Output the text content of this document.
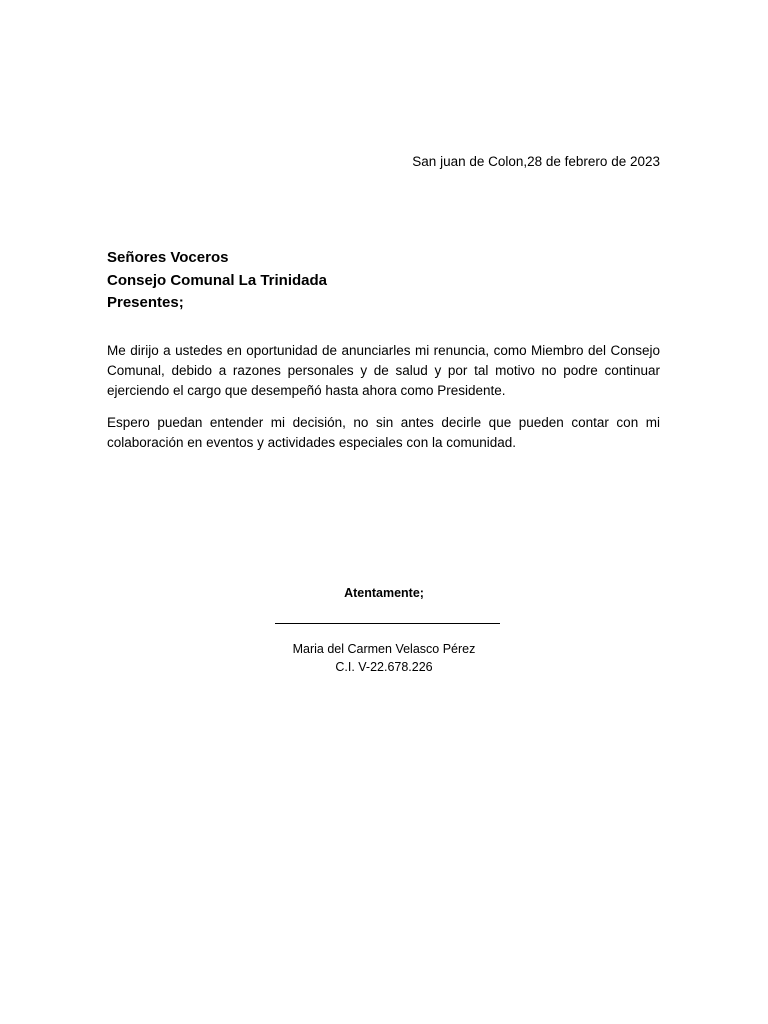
San juan de Colon,28 de febrero de 2023
Señores Voceros
Consejo Comunal La Trinidada
Presentes;

Me dirijo a ustedes en oportunidad de anunciarles mi renuncia, como Miembro del Consejo Comunal, debido a razones personales y de salud y por tal motivo no podre continuar ejerciendo el cargo que desempeñó hasta ahora como Presidente.

Espero puedan entender mi decisión, no sin antes decirle que pueden contar con mi colaboración en eventos y actividades especiales con la comunidad.

Atentamente;
Maria del Carmen Velasco Pérez
C.I. V-22.678.226
